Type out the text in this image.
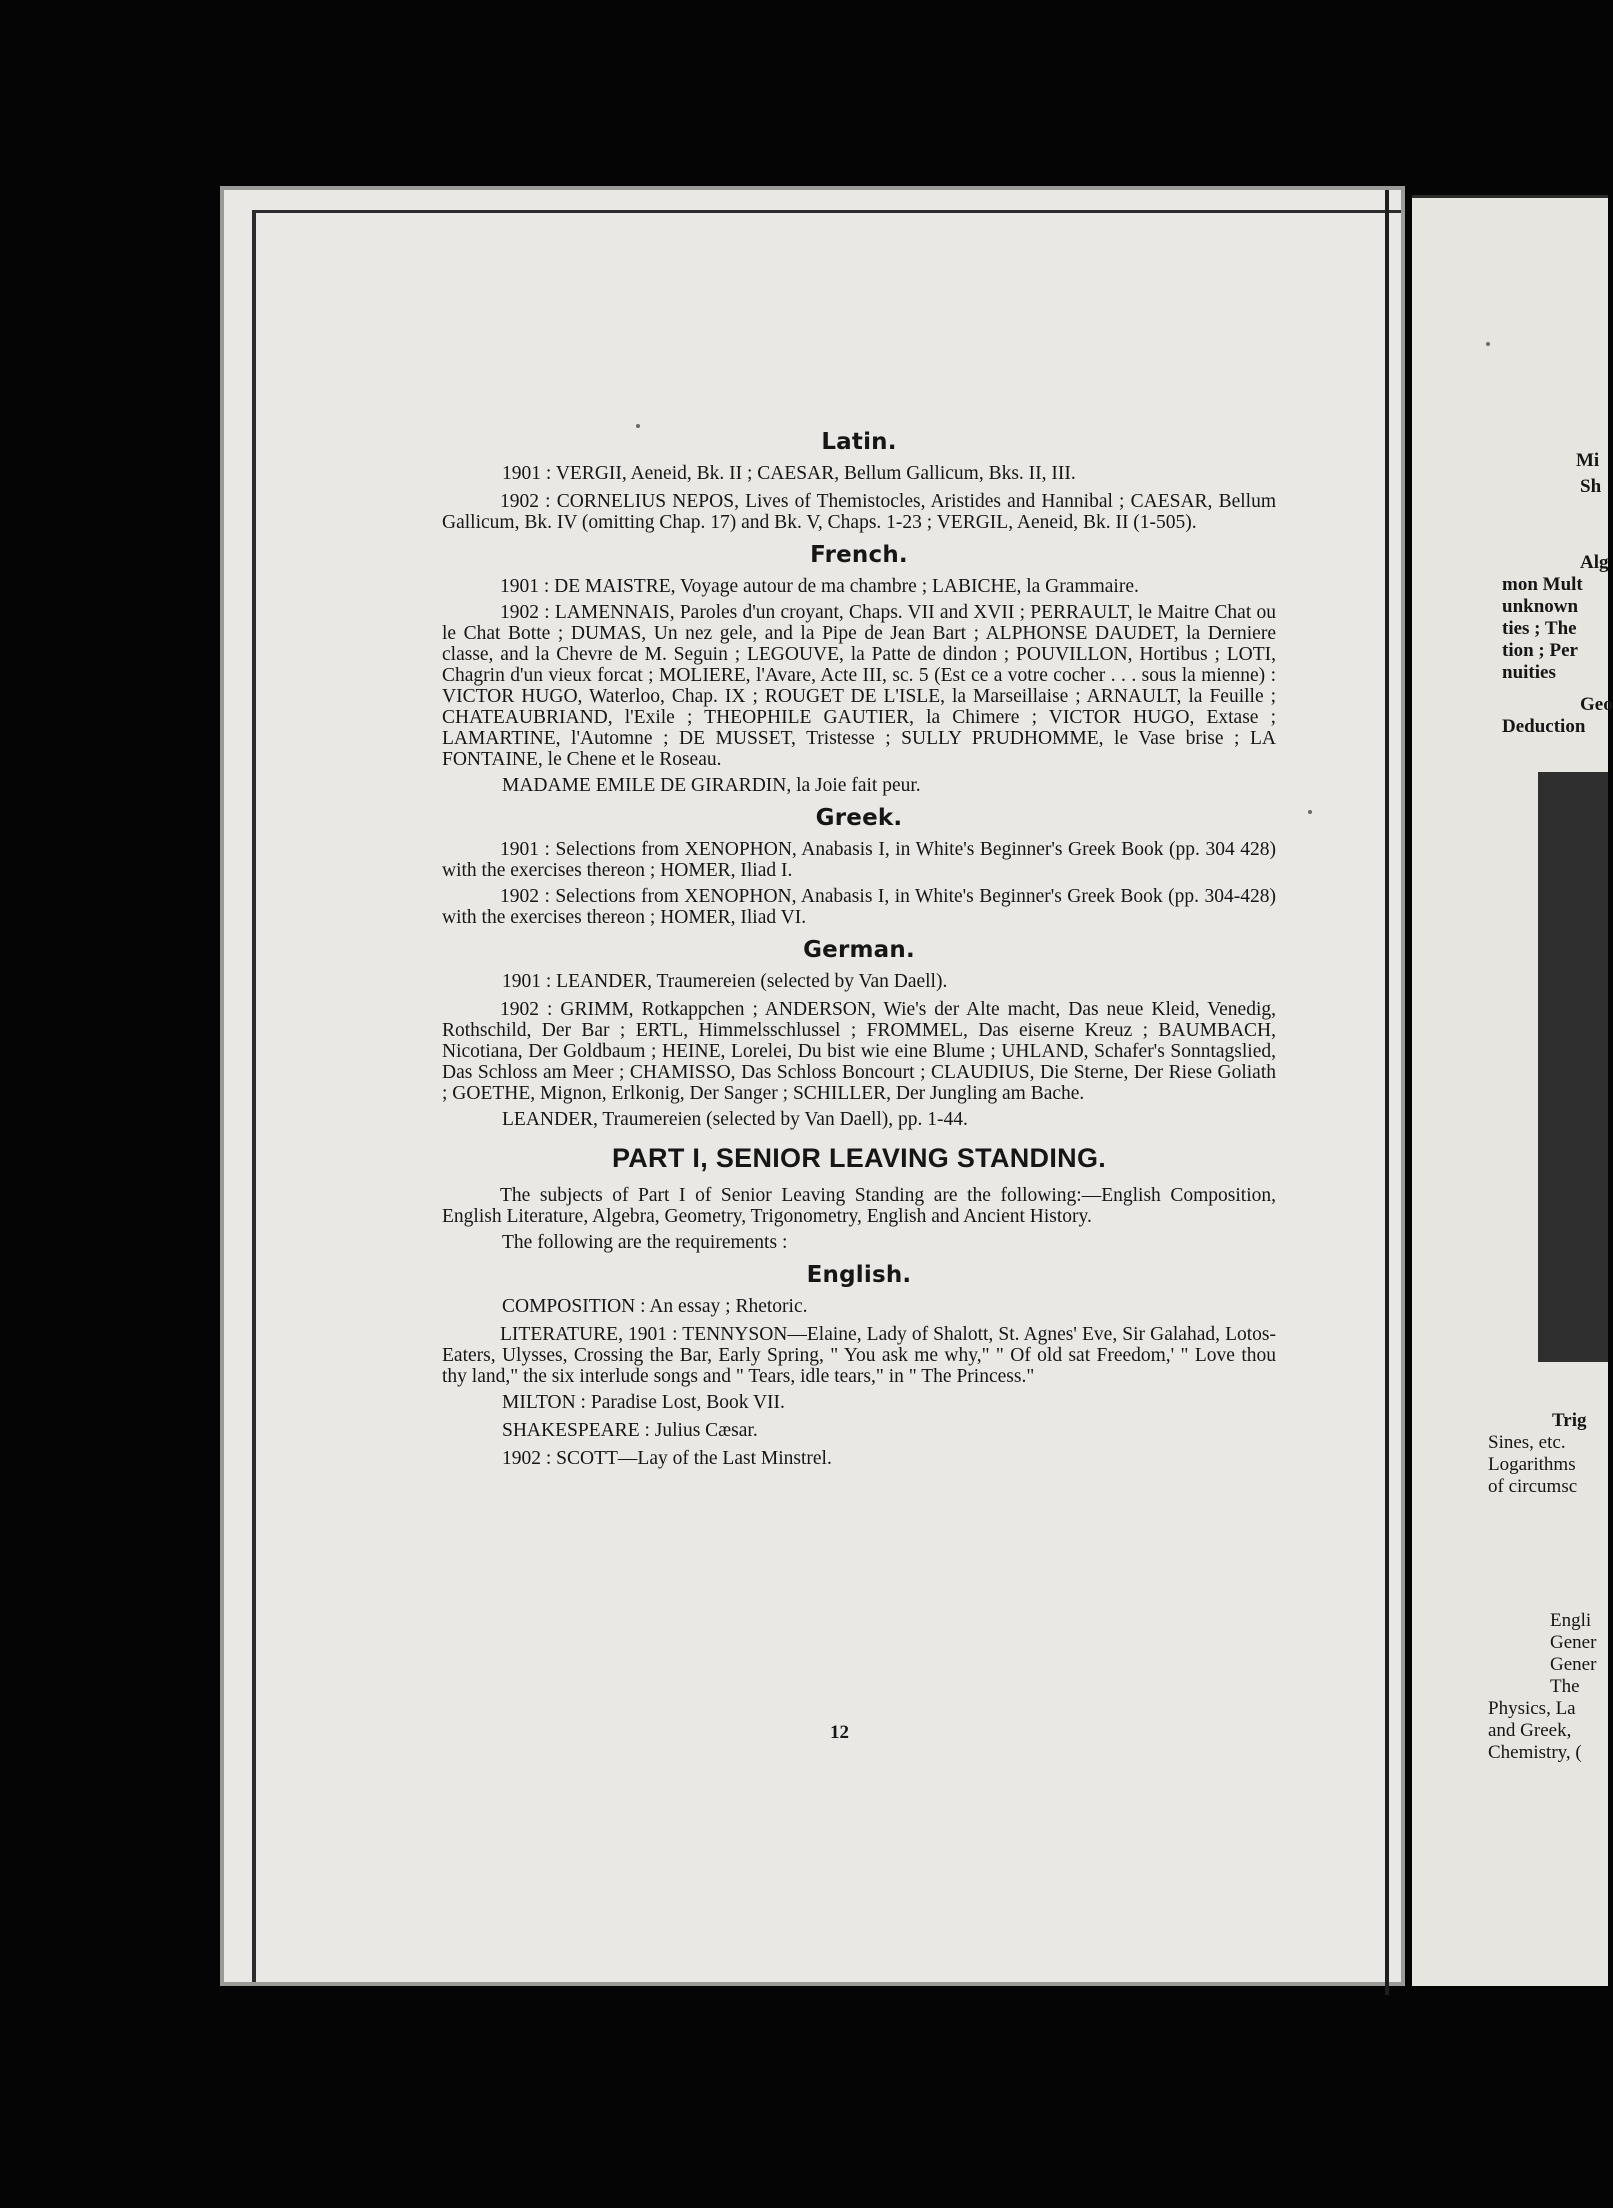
Latin.
1901 : VERGII, Aeneid, Bk. II ; CAESAR, Bellum Gallicum, Bks. II, III.
1902 : CORNELIUS NEPOS, Lives of Themistocles, Aristides and Hannibal ; CAESAR, Bellum Gallicum, Bk. IV (omitting Chap. 17) and Bk. V, Chaps. 1-23 ; VERGIL, Aeneid, Bk. II (1-505).
French.
1901 : DE MAISTRE, Voyage autour de ma chambre ; LABICHE, la Grammaire.
1902 : LAMENNAIS, Paroles d'un croyant, Chaps. VII and XVII ; PERRAULT, le Maitre Chat ou le Chat Botte ; DUMAS, Un nez gele, and la Pipe de Jean Bart ; ALPHONSE DAUDET, la Derniere classe, and la Chevre de M. Seguin ; LEGOUVE, la Patte de dindon ; POUVILLON, Hortibus ; LOTI, Chagrin d'un vieux forcat ; MOLIERE, l'Avare, Acte III, sc. 5 (Est ce a votre cocher . . . sous la mienne) : VICTOR HUGO, Waterloo, Chap. IX ; ROUGET DE L'ISLE, la Marseillaise ; ARNAULT, la Feuille ; CHATEAUBRIAND, l'Exile ; THEOPHILE GAUTIER, la Chimere ; VICTOR HUGO, Extase ; LAMARTINE, l'Automne ; DE MUSSET, Tristesse ; SULLY PRUDHOMME, le Vase brise ; LA FONTAINE, le Chene et le Roseau.
MADAME EMILE DE GIRARDIN, la Joie fait peur.
Greek.
1901 : Selections from XENOPHON, Anabasis I, in White's Beginner's Greek Book (pp. 304 428) with the exercises thereon ; HOMER, Iliad I.
1902 : Selections from XENOPHON, Anabasis I, in White's Beginner's Greek Book (pp. 304-428) with the exercises thereon ; HOMER, Iliad VI.
German.
1901 : LEANDER, Traumereien (selected by Van Daell).
1902 : GRIMM, Rotkappchen ; ANDERSON, Wie's der Alte macht, Das neue Kleid, Venedig, Rothschild, Der Bar ; ERTL, Himmelsschlussel ; FROMMEL, Das eiserne Kreuz ; BAUMBACH, Nicotiana, Der Goldbaum ; HEINE, Lorelei, Du bist wie eine Blume ; UHLAND, Schafer's Sonntagslied, Das Schloss am Meer ; CHAMISSO, Das Schloss Boncourt ; CLAUDIUS, Die Sterne, Der Riese Goliath ; GOETHE, Mignon, Erlkonig, Der Sanger ; SCHILLER, Der Jungling am Bache.
LEANDER, Traumereien (selected by Van Daell), pp. 1-44.
PART I, SENIOR LEAVING STANDING.
The subjects of Part I of Senior Leaving Standing are the following:—English Composition, English Literature, Algebra, Geometry, Trigonometry, English and Ancient History.
The following are the requirements :
English.
COMPOSITION : An essay ; Rhetoric.
LITERATURE, 1901 : TENNYSON—Elaine, Lady of Shalott, St. Agnes' Eve, Sir Galahad, Lotos-Eaters, Ulysses, Crossing the Bar, Early Spring, " You ask me why," " Of old sat Freedom,' " Love thou thy land," the six interlude songs and " Tears, idle tears," in " The Princess."
MILTON : Paradise Lost, Book VII.
SHAKESPEARE : Julius Cæsar.
1902 : SCOTT—Lay of the Last Minstrel.
12
Mi
Sh
Alg
mon Mult
unknown
ties ; The
tion ; Per
nuities
Geo
Deduction
Trig
Sines, etc.
Logarithms
of circumsc
Engli
Gener
Gener
The
Physics, La
and Greek,
Chemistry, (
